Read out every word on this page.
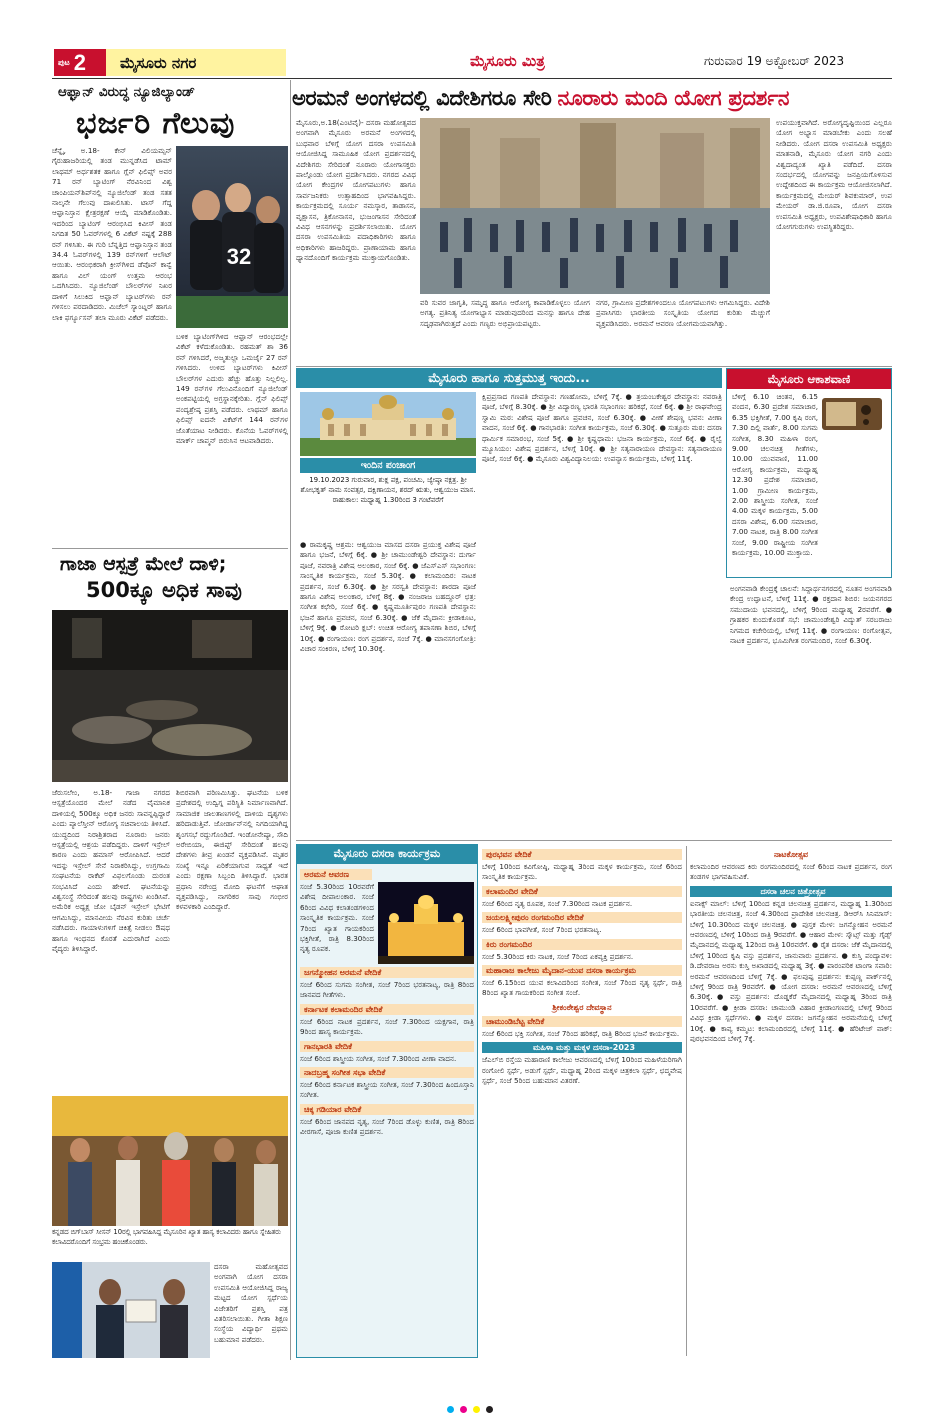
ಪುಟ 2 ಮೈಸೂರು ನಗರ	ಮೈಸೂರು ಮಿತ್ರ	ಗುರುವಾರ 19 ಅಕ್ಟೋಬರ್ 2023
ಅರಮನೆ ಅಂಗಳದಲ್ಲಿ ವಿದೇಶಿಗರೂ ಸೇರಿ ನೂರಾರು ಮಂದಿ ಯೋಗ ಪ್ರದರ್ಶನ
ಆಫ್ಘಾನ್ ವಿರುದ್ಧ ನ್ಯೂಜಿಲ್ಯಾಂಡ್
ಭರ್ಜರಿ ಗೆಲುವು
ಚೆನ್ನೈ, ಅ.18- ಕೇನ್ ವಿಲಿಯಮ್ಸನ್ ಗೈರುಹಾಜರಿಯಲ್ಲಿ ತಂಡ ಮುನ್ನಡೆಸಿದ ಟಾಮ್ ಲಾಥಮ್ ಅರ್ಧಶತಕ ಹಾಗೂ ಗ್ಲೆನ್ ಫಿಲಿಪ್ಸ್ ಅವರ 71 ರನ್ ಬ್ಯಾಟಿಂಗ್ ನೆರವಿನಿಂದ ವಿಶ್ವ ಚಾಂಪಿಯನ್‌ಶಿಪ್‌ನಲ್ಲಿ ನ್ಯೂಜಿಲೆಂಡ್ ತಂಡ ಸತತ ನಾಲ್ಕನೇ ಗೆಲುವು ದಾಖಲಿಸಿತು. ಟಾಸ್ ಗೆದ್ದ ಆಫ್ಘಾನಿಸ್ತಾನ ಕ್ಷೇತ್ರರಕ್ಷಣೆ ಆಯ್ಕೆ ಮಾಡಿಕೊಂಡಿತು. ಇದರಿಂದ ಬ್ಯಾಟಿಂಗ್ ಆರಂಭಿಸಿದ ಕಿವೀಸ್ ತಂಡ ನಿಗದಿತ 50 ಓವರ್‌ಗಳಲ್ಲಿ 6 ವಿಕೆಟ್ ನಷ್ಟಕ್ಕೆ 288 ರನ್ ಗಳಿಸಿತು. ಈ ಗುರಿ ಬೆನ್ನತ್ತಿದ ಆಫ್ಘಾನಿಸ್ತಾನ ತಂಡ 34.4 ಓವರ್‌ಗಳಲ್ಲಿ 139 ರನ್‌ಗಳಿಗೆ ಆಲೌಟ್ ಆಯಿತು. ಆರಂಭಿಕರಾಗಿ ಕ್ರೀಸ್‌ಗಿಳಿದ ಡೆವೊನ್ ಕಾನ್ವೆ ಹಾಗೂ ವಿಲ್ ಯಂಗ್ ಉತ್ತಮ ಆರಂಭ ಒದಗಿಸಿದರು. ನ್ಯೂಜಿಲೆಂಡ್ ಬೌಲರ್‌ಗಳ ನಿಖರ ದಾಳಿಗೆ ಸಿಲುಕಿದ ಆಫ್ಘಾನ್ ಬ್ಯಾಟರ್‌ಗಳು ರನ್ ಗಳಿಸಲು ಪರದಾಡಿದರು. ಮಿಚೆಲ್ ಸ್ಯಾಂಟ್ನರ್ ಹಾಗೂ ಲಾಕಿ ಫರ್ಗ್ಯೂಸನ್ ತಲಾ ಮೂರು ವಿಕೆಟ್ ಪಡೆದರು.
32
ಬಳಿಕ ಬ್ಯಾಟಿಂಗ್‌ಗಿಳಿದ ಆಫ್ಘಾನ್ ಆರಂಭದಲ್ಲೇ ವಿಕೆಟ್ ಕಳೆದುಕೊಂಡಿತು. ರಹಮತ್ ಶಾ 36 ರನ್ ಗಳಿಸಿದರೆ, ಅಜ್ಮತುಲ್ಲಾ ಒಮರ್ಜೈ 27 ರನ್ ಗಳಿಸಿದರು. ಉಳಿದ ಬ್ಯಾಟರ್‌ಗಳು ಕಿವೀಸ್ ಬೌಲರ್‌ಗಳ ಎದುರು ಹೆಚ್ಚು ಹೊತ್ತು ನಿಲ್ಲಲಿಲ್ಲ. 149 ರನ್‌ಗಳ ಗೆಲುವಿನೊಂದಿಗೆ ನ್ಯೂಜಿಲೆಂಡ್ ಅಂಕಪಟ್ಟಿಯಲ್ಲಿ ಅಗ್ರಸ್ಥಾನಕ್ಕೇರಿತು. ಗ್ಲೆನ್ ಫಿಲಿಪ್ಸ್ ಪಂದ್ಯಶ್ರೇಷ್ಠ ಪ್ರಶಸ್ತಿ ಪಡೆದರು. ಲಾಥಮ್ ಹಾಗೂ ಫಿಲಿಪ್ಸ್ ಐದನೇ ವಿಕೆಟ್‌ಗೆ 144 ರನ್‌ಗಳ ಜೊತೆಯಾಟ ನೀಡಿದರು. ಕೊನೆಯ ಓವರ್‌ಗಳಲ್ಲಿ ಮಾರ್ಕ್ ಚಾಪ್ಮನ್ ಬಿರುಸಿನ ಆಟವಾಡಿದರು.
ಗಾಜಾ ಆಸ್ಪತ್ರೆ ಮೇಲೆ ದಾಳಿ;
500ಕ್ಕೂ ಅಧಿಕ ಸಾವು
ಜೆರುಸಲೇಂ, ಅ.18- ಗಾಜಾ ನಗರದ ಆಸ್ಪತ್ರೆಯೊಂದರ ಮೇಲೆ ನಡೆದ ವೈಮಾನಿಕ ದಾಳಿಯಲ್ಲಿ 500ಕ್ಕೂ ಅಧಿಕ ಜನರು ಸಾವನ್ನಪ್ಪಿದ್ದಾರೆ ಎಂದು ಪ್ಯಾಲೆಸ್ತೀನ್ ಆರೋಗ್ಯ ಸಚಿವಾಲಯ ತಿಳಿಸಿದೆ. ಯುದ್ಧದಿಂದ ನಿರಾಶ್ರಿತರಾದ ನೂರಾರು ಜನರು ಆಸ್ಪತ್ರೆಯಲ್ಲಿ ಆಶ್ರಯ ಪಡೆದಿದ್ದರು. ದಾಳಿಗೆ ಇಸ್ರೇಲ್ ಕಾರಣ ಎಂದು ಹಮಾಸ್ ಆರೋಪಿಸಿದೆ. ಆದರೆ ಇದನ್ನು ಇಸ್ರೇಲ್ ಸೇನೆ ನಿರಾಕರಿಸಿದ್ದು, ಉಗ್ರಗಾಮಿ ಸಂಘಟನೆಯ ರಾಕೆಟ್ ವಿಫಲಗೊಂಡು ದುರಂತ ಸಂಭವಿಸಿದೆ ಎಂದು ಹೇಳಿದೆ. ಘಟನೆಯನ್ನು ವಿಶ್ವಸಂಸ್ಥೆ ಸೇರಿದಂತೆ ಹಲವು ರಾಷ್ಟ್ರಗಳು ಖಂಡಿಸಿವೆ. ಅಮೆರಿಕ ಅಧ್ಯಕ್ಷ ಜೋ ಬೈಡನ್ ಇಸ್ರೇಲ್ ಭೇಟಿಗೆ ಆಗಮಿಸಿದ್ದು, ಮಾನವೀಯ ನೆರವಿನ ಕುರಿತು ಚರ್ಚೆ ನಡೆಸಿದರು. ಗಾಯಾಳುಗಳಿಗೆ ಚಿಕಿತ್ಸೆ ನೀಡಲು ಔಷಧ ಹಾಗೂ ಇಂಧನದ ಕೊರತೆ ಎದುರಾಗಿದೆ ಎಂದು ವೈದ್ಯರು ತಿಳಿಸಿದ್ದಾರೆ.
ಶಿಬಿರವಾಗಿ ಪರಿಣಮಿಸಿತ್ತು. ಘಟನೆಯ ಬಳಿಕ ಪ್ರದೇಶದಲ್ಲಿ ಉದ್ವಿಗ್ನ ಪರಿಸ್ಥಿತಿ ನಿರ್ಮಾಣವಾಗಿದೆ. ಸಾಮಾಜಿಕ ಜಾಲತಾಣಗಳಲ್ಲಿ ದಾಳಿಯ ದೃಶ್ಯಗಳು ಹರಿದಾಡುತ್ತಿವೆ. ಜೋರ್ಡಾನ್‌ನಲ್ಲಿ ನಿಗದಿಯಾಗಿದ್ದ ಶೃಂಗಸಭೆ ರದ್ದುಗೊಂಡಿದೆ. ಇಂಡೋನೇಷ್ಯಾ, ಸೌದಿ ಅರೇಬಿಯಾ, ಈಜಿಪ್ಟ್ ಸೇರಿದಂತೆ ಹಲವು ದೇಶಗಳು ತೀವ್ರ ಖಂಡನೆ ವ್ಯಕ್ತಪಡಿಸಿವೆ. ಮೃತರ ಸಂಖ್ಯೆ ಇನ್ನೂ ಏರಿಕೆಯಾಗುವ ಸಾಧ್ಯತೆ ಇದೆ ಎಂದು ರಕ್ಷಣಾ ಸಿಬ್ಬಂದಿ ತಿಳಿಸಿದ್ದಾರೆ. ಭಾರತ ಪ್ರಧಾನಿ ನರೇಂದ್ರ ಮೋದಿ ಘಟನೆಗೆ ಆಘಾತ ವ್ಯಕ್ತಪಡಿಸಿದ್ದು, ನಾಗರಿಕರ ಸಾವು ಗಂಭೀರ ಕಳವಳಕಾರಿ ಎಂದಿದ್ದಾರೆ.
ಕನ್ನಡದ ಬಿಗ್‌ಬಾಸ್ ಸೀಸನ್ 10ರಲ್ಲಿ ಭಾಗವಹಿಸಿದ್ದ ಮೈಸೂರಿನ ಖ್ಯಾತ ಹಾಸ್ಯ ಕಲಾವಿದರು ಹಾಗೂ ಸ್ನೇಹಿತರು ಕಲಾವಿದರೊಂದಿಗೆ ಸಂಭ್ರಮ ಹಂಚಿಕೊಂಡರು.
ದಸರಾ ಮಹೋತ್ಸವದ ಅಂಗವಾಗಿ ಯೋಗ ದಸರಾ ಉಪಸಮಿತಿ ಆಯೋಜಿಸಿದ್ದ ರಾಜ್ಯ ಮಟ್ಟದ ಯೋಗ ಸ್ಪರ್ಧೆಯ ವಿಜೇತರಿಗೆ ಪ್ರಶಸ್ತಿ ಪತ್ರ ವಿತರಿಸಲಾಯಿತು. ಗೀತಾ ಶಿಕ್ಷಣ ಸಂಸ್ಥೆಯ ವಿದ್ಯಾರ್ಥಿ ಪ್ರಥಮ ಬಹುಮಾನ ಪಡೆದರು.
ಮೈಸೂರು,ಅ.18(ಎಂಟಿವೈ)- ದಸರಾ ಮಹೋತ್ಸವದ ಅಂಗವಾಗಿ ಮೈಸೂರು ಅರಮನೆ ಅಂಗಳದಲ್ಲಿ ಬುಧವಾರ ಬೆಳಿಗ್ಗೆ ಯೋಗ ದಸರಾ ಉಪಸಮಿತಿ ಆಯೋಜಿಸಿದ್ದ ಸಾಮೂಹಿಕ ಯೋಗ ಪ್ರದರ್ಶನದಲ್ಲಿ ವಿದೇಶಿಗರು ಸೇರಿದಂತೆ ನೂರಾರು ಯೋಗಾಸಕ್ತರು ಪಾಲ್ಗೊಂಡು ಯೋಗ ಪ್ರದರ್ಶಿಸಿದರು. ನಗರದ ವಿವಿಧ ಯೋಗ ಕೇಂದ್ರಗಳ ಯೋಗಪಟುಗಳು ಹಾಗೂ ಸಾರ್ವಜನಿಕರು ಉತ್ಸಾಹದಿಂದ ಭಾಗವಹಿಸಿದ್ದರು. ಕಾರ್ಯಕ್ರಮದಲ್ಲಿ ಸೂರ್ಯ ನಮಸ್ಕಾರ, ತಾಡಾಸನ, ವೃಕ್ಷಾಸನ, ತ್ರಿಕೋನಾಸನ, ಭುಜಂಗಾಸನ ಸೇರಿದಂತೆ ವಿವಿಧ ಆಸನಗಳನ್ನು ಪ್ರದರ್ಶಿಸಲಾಯಿತು. ಯೋಗ ದಸರಾ ಉಪಸಮಿತಿಯ ಪದಾಧಿಕಾರಿಗಳು ಹಾಗೂ ಅಧಿಕಾರಿಗಳು ಹಾಜರಿದ್ದರು. ಪ್ರಾಣಾಯಾಮ ಹಾಗೂ ಧ್ಯಾನದೊಂದಿಗೆ ಕಾರ್ಯಕ್ರಮ ಮುಕ್ತಾಯಗೊಂಡಿತು.
ವರಿ ಸುವರ ಜಾಗೃತಿ, ಸಮೃದ್ಧ ಹಾಗೂ ಆರೋಗ್ಯ ಕಾಪಾಡಿಕೊಳ್ಳಲು ಯೋಗ ಅಗತ್ಯ. ಪ್ರತಿನಿತ್ಯ ಯೋಗಾಭ್ಯಾಸ ಮಾಡುವುದರಿಂದ ಮನಸ್ಸು ಹಾಗೂ ದೇಹ ಸದೃಢವಾಗಿರುತ್ತದೆ ಎಂದು ಗಣ್ಯರು ಅಭಿಪ್ರಾಯಪಟ್ಟರು.
ನಗರ, ಗ್ರಾಮೀಣ ಪ್ರದೇಶಗಳಿಂದಲೂ ಯೋಗಪಟುಗಳು ಆಗಮಿಸಿದ್ದರು. ವಿದೇಶಿ ಪ್ರವಾಸಿಗರು ಭಾರತೀಯ ಸಂಸ್ಕೃತಿಯ ಯೋಗದ ಕುರಿತು ಮೆಚ್ಚುಗೆ ವ್ಯಕ್ತಪಡಿಸಿದರು. ಅರಮನೆ ಆವರಣ ಯೋಗಮಯವಾಗಿತ್ತು.
ಉಪಯುಕ್ತವಾಗಿದೆ. ಅರೋಗ್ಯದೃಷ್ಟಿಯಿಂದ ಎಲ್ಲರೂ ಯೋಗ ಅಭ್ಯಾಸ ಮಾಡಬೇಕು ಎಂದು ಸಲಹೆ ನೀಡಿದರು. ಯೋಗ ದಸರಾ ಉಪಸಮಿತಿ ಅಧ್ಯಕ್ಷರು ಮಾತನಾಡಿ, ಮೈಸೂರು ಯೋಗ ನಗರಿ ಎಂದು ವಿಶ್ವದಾದ್ಯಂತ ಖ್ಯಾತಿ ಪಡೆದಿದೆ. ದಸರಾ ಸಂದರ್ಭದಲ್ಲಿ ಯೋಗವನ್ನು ಜನಪ್ರಿಯಗೊಳಿಸುವ ಉದ್ದೇಶದಿಂದ ಈ ಕಾರ್ಯಕ್ರಮ ಆಯೋಜಿಸಲಾಗಿದೆ. ಕಾರ್ಯಕ್ರಮದಲ್ಲಿ ಮೇಯರ್ ಶಿವಕುಮಾರ್, ಉಪ ಮೇಯರ್ ಡಾ.ಜಿ.ರೂಪಾ, ಯೋಗ ದಸರಾ ಉಪಸಮಿತಿ ಅಧ್ಯಕ್ಷರು, ಉಪವಿಶೇಷಾಧಿಕಾರಿ ಹಾಗೂ ಯೋಗಗುರುಗಳು ಉಪಸ್ಥಿತರಿದ್ದರು.
ಮೈಸೂರು ಹಾಗೂ ಸುತ್ತಮುತ್ತ ಇಂದು...
ಇಂದಿನ ಪಂಚಾಂಗ
19.10.2023 ಗುರುವಾರ, ಶುಕ್ಲ ಪಕ್ಷ, ಪಂಚಮಿ, ಜ್ಯೇಷ್ಠಾ ನಕ್ಷತ್ರ. ಶ್ರೀ ಶೋಭಕೃತ್ ನಾಮ ಸಂವತ್ಸರ, ದಕ್ಷಿಣಾಯನ, ಶರದ್ ಋತು, ಆಶ್ವಯುಜ ಮಾಸ. ರಾಹುಕಾಲ: ಮಧ್ಯಾಹ್ನ 1.30ರಿಂದ 3 ಗಂಟೆವರೆಗೆ
● ರಾಮಕೃಷ್ಣ ಆಶ್ರಮ: ಆಶ್ವಯುಜ ಮಾಸದ ದಸರಾ ಪ್ರಯುಕ್ತ ವಿಶೇಷ ಪೂಜೆ ಹಾಗೂ ಭಜನೆ, ಬೆಳಿಗ್ಗೆ 6ಕ್ಕೆ. ● ಶ್ರೀ ಚಾಮುಂಡೇಶ್ವರಿ ದೇವಸ್ಥಾನ: ದುರ್ಗಾ ಪೂಜೆ, ನವರಾತ್ರಿ ವಿಶೇಷ ಅಲಂಕಾರ, ಸಂಜೆ 6ಕ್ಕೆ. ● ಜೆಎಸ್‌ಎಸ್ ಸಭಾಂಗಣ: ಸಾಂಸ್ಕೃತಿಕ ಕಾರ್ಯಕ್ರಮ, ಸಂಜೆ 5.30ಕ್ಕೆ. ● ಕಲಾಮಂದಿರ: ನಾಟಕ ಪ್ರದರ್ಶನ, ಸಂಜೆ 6.30ಕ್ಕೆ. ● ಶ್ರೀ ಸರಸ್ವತಿ ದೇವಸ್ಥಾನ: ಶಾರದಾ ಪೂಜೆ ಹಾಗೂ ವಿಶೇಷ ಅಲಂಕಾರ, ಬೆಳಿಗ್ಗೆ 8ಕ್ಕೆ. ● ನಂಜರಾಜ ಬಹದ್ದೂರ್ ಛತ್ರ: ಸಂಗೀತ ಕಛೇರಿ, ಸಂಜೆ 6ಕ್ಕೆ. ● ಕೃಷ್ಣಮೂರ್ತಿಪುರಂ ಗಣಪತಿ ದೇವಸ್ಥಾನ: ಭಜನೆ ಹಾಗೂ ಪ್ರವಚನ, ಸಂಜೆ 6.30ಕ್ಕೆ. ● ಜೆಕೆ ಮೈದಾನ: ಕ್ರೀಡಾಕೂಟ, ಬೆಳಿಗ್ಗೆ 9ಕ್ಕೆ. ● ರೋಟರಿ ಕ್ಲಬ್: ಉಚಿತ ಆರೋಗ್ಯ ತಪಾಸಣಾ ಶಿಬಿರ, ಬೆಳಿಗ್ಗೆ 10ಕ್ಕೆ. ● ರಂಗಾಯಣ: ರಂಗ ಪ್ರದರ್ಶನ, ಸಂಜೆ 7ಕ್ಕೆ. ● ಮಾನಸಗಂಗೋತ್ರಿ: ವಿಚಾರ ಸಂಕಿರಣ, ಬೆಳಿಗ್ಗೆ 10.30ಕ್ಕೆ.
ಕ್ಷಿಪ್ರಪ್ರಸಾದ ಗಣಪತಿ ದೇವಸ್ಥಾನ: ಗಣಹೋಮ, ಬೆಳಿಗ್ಗೆ 7ಕ್ಕೆ. ● ತ್ರಯಂಬಕೇಶ್ವರ ದೇವಸ್ಥಾನ: ನವರಾತ್ರಿ ಪೂಜೆ, ಬೆಳಿಗ್ಗೆ 8.30ಕ್ಕೆ. ● ಶ್ರೀ ವಿದ್ಯಾರಣ್ಯ ಭಾರತಿ ಸಭಾಂಗಣ: ಹರಿಕಥೆ, ಸಂಜೆ 6ಕ್ಕೆ. ● ಶ್ರೀ ರಾಘವೇಂದ್ರ ಸ್ವಾಮಿ ಮಠ: ವಿಶೇಷ ಪೂಜೆ ಹಾಗೂ ಪ್ರವಚನ, ಸಂಜೆ 6.30ಕ್ಕೆ. ● ವೀಣೆ ಶೇಷಣ್ಣ ಭವನ: ವೀಣಾ ವಾದನ, ಸಂಜೆ 6ಕ್ಕೆ. ● ಗಾನಭಾರತಿ: ಸಂಗೀತ ಕಾರ್ಯಕ್ರಮ, ಸಂಜೆ 6.30ಕ್ಕೆ. ● ಸುತ್ತೂರು ಮಠ: ದಸರಾ ಧಾರ್ಮಿಕ ಸಮಾರಂಭ, ಸಂಜೆ 5ಕ್ಕೆ. ● ಶ್ರೀ ಕೃಷ್ಣಧಾಮ: ಭಜನಾ ಕಾರ್ಯಕ್ರಮ, ಸಂಜೆ 6ಕ್ಕೆ. ● ರೈಲ್ವೆ ಮ್ಯೂಸಿಯಂ: ವಿಶೇಷ ಪ್ರದರ್ಶನ, ಬೆಳಿಗ್ಗೆ 10ಕ್ಕೆ. ● ಶ್ರೀ ಸತ್ಯನಾರಾಯಣ ದೇವಸ್ಥಾನ: ಸತ್ಯನಾರಾಯಣ ಪೂಜೆ, ಸಂಜೆ 6ಕ್ಕೆ. ● ಮೈಸೂರು ವಿಶ್ವವಿದ್ಯಾನಿಲಯ: ಉಪನ್ಯಾಸ ಕಾರ್ಯಕ್ರಮ, ಬೆಳಿಗ್ಗೆ 11ಕ್ಕೆ.
ಮೈಸೂರು ಆಕಾಶವಾಣಿ
ಬೆಳಿಗ್ಗೆ 6.10 ಚಿಂತನ, 6.15 ವಂದನ, 6.30 ಪ್ರದೇಶ ಸಮಾಚಾರ, 6.35 ಭಕ್ತಿಗೀತೆ, 7.00 ಕೃಷಿ ರಂಗ, 7.30 ದಿಲ್ಲಿ ವಾರ್ತೆ, 8.00 ಸುಗಮ ಸಂಗೀತ, 8.30 ಮಹಿಳಾ ರಂಗ, 9.00 ಚಲನಚಿತ್ರ ಗೀತೆಗಳು, 10.00 ಯುವವಾಣಿ, 11.00 ಆರೋಗ್ಯ ಕಾರ್ಯಕ್ರಮ, ಮಧ್ಯಾಹ್ನ 12.30 ಪ್ರದೇಶ ಸಮಾಚಾರ, 1.00 ಗ್ರಾಮೀಣ ಕಾರ್ಯಕ್ರಮ, 2.00 ಶಾಸ್ತ್ರೀಯ ಸಂಗೀತ, ಸಂಜೆ 4.00 ಮಕ್ಕಳ ಕಾರ್ಯಕ್ರಮ, 5.00 ದಸರಾ ವಿಶೇಷ, 6.00 ಸಮಾಚಾರ, 7.00 ನಾಟಕ, ರಾತ್ರಿ 8.00 ಸಂಗೀತ ಸಂಜೆ, 9.00 ರಾಷ್ಟ್ರೀಯ ಸಂಗೀತ ಕಾರ್ಯಕ್ರಮ, 10.00 ಮುಕ್ತಾಯ.
ಅಂಗನವಾಡಿ ಕೇಂದ್ರಕ್ಕೆ ಚಾಲನೆ: ಸಿದ್ದಾರ್ಥನಗರದಲ್ಲಿ ನೂತನ ಅಂಗನವಾಡಿ ಕೇಂದ್ರ ಉದ್ಘಾಟನೆ, ಬೆಳಿಗ್ಗೆ 11ಕ್ಕೆ. ● ರಕ್ತದಾನ ಶಿಬಿರ: ಜಯನಗರದ ಸಮುದಾಯ ಭವನದಲ್ಲಿ, ಬೆಳಿಗ್ಗೆ 9ರಿಂದ ಮಧ್ಯಾಹ್ನ 2ರವರೆಗೆ. ● ಗ್ರಾಹಕರ ಕುಂದುಕೊರತೆ ಸಭೆ: ಚಾಮುಂಡೇಶ್ವರಿ ವಿದ್ಯುತ್ ಸರಬರಾಜು ನಿಗಮದ ಕಚೇರಿಯಲ್ಲಿ, ಬೆಳಿಗ್ಗೆ 11ಕ್ಕೆ. ● ರಂಗಾಯಣ: ರಂಗೋತ್ಸವ, ನಾಟಕ ಪ್ರದರ್ಶನ, ಭೂಮಿಗೀತ ರಂಗಮಂದಿರ, ಸಂಜೆ 6.30ಕ್ಕೆ.
ಮೈಸೂರು ದಸರಾ ಕಾರ್ಯಕ್ರಮ
ಅರಮನೆ ಆವರಣ
ಸಂಜೆ 5.30ರಿಂದ 10ರವರೆಗೆ ವಿಶೇಷ ದೀಪಾಲಂಕಾರ. ಸಂಜೆ 6ರಿಂದ ವಿವಿಧ ಕಲಾತಂಡಗಳಿಂದ ಸಾಂಸ್ಕೃತಿಕ ಕಾರ್ಯಕ್ರಮ. ಸಂಜೆ 7ರಿಂದ ಖ್ಯಾತ ಗಾಯಕರಿಂದ ಭಕ್ತಿಗೀತೆ, ರಾತ್ರಿ 8.30ರಿಂದ ನೃತ್ಯ ರೂಪಕ.
ಜಗನ್ಮೋಹನ ಅರಮನೆ ವೇದಿಕೆ
ಸಂಜೆ 6ರಿಂದ ಸುಗಮ ಸಂಗೀತ, ಸಂಜೆ 7ರಿಂದ ಭರತನಾಟ್ಯ, ರಾತ್ರಿ 8ರಿಂದ ಜಾನಪದ ಗೀತೆಗಳು.
ಕರ್ನಾಟಕ ಕಲಾಮಂದಿರ ವೇದಿಕೆ
ಸಂಜೆ 6ರಿಂದ ನಾಟಕ ಪ್ರದರ್ಶನ, ಸಂಜೆ 7.30ರಿಂದ ಯಕ್ಷಗಾನ, ರಾತ್ರಿ 9ರಿಂದ ಹಾಸ್ಯ ಕಾರ್ಯಕ್ರಮ.
ಗಾನಭಾರತಿ ವೇದಿಕೆ
ಸಂಜೆ 6ರಿಂದ ಶಾಸ್ತ್ರೀಯ ಸಂಗೀತ, ಸಂಜೆ 7.30ರಿಂದ ವೀಣಾ ವಾದನ.
ನಾದಬ್ರಹ್ಮ ಸಂಗೀತ ಸಭಾ ವೇದಿಕೆ
ಸಂಜೆ 6ರಿಂದ ಕರ್ನಾಟಕ ಶಾಸ್ತ್ರೀಯ ಸಂಗೀತ, ಸಂಜೆ 7.30ರಿಂದ ಹಿಂದೂಸ್ತಾನಿ ಸಂಗೀತ.
ಚಿಕ್ಕ ಗಡಿಯಾರ ವೇದಿಕೆ
ಸಂಜೆ 6ರಿಂದ ಜಾನಪದ ನೃತ್ಯ, ಸಂಜೆ 7ರಿಂದ ಡೊಳ್ಳು ಕುಣಿತ, ರಾತ್ರಿ 8ರಿಂದ ವೀರಗಾಸೆ, ಪೂಜಾ ಕುಣಿತ ಪ್ರದರ್ಶನ.
ಪುರಭವನ ವೇದಿಕೆ
ಬೆಳಿಗ್ಗೆ 10ರಿಂದ ಕವಿಗೋಷ್ಠಿ, ಮಧ್ಯಾಹ್ನ 3ರಿಂದ ಮಕ್ಕಳ ಕಾರ್ಯಕ್ರಮ, ಸಂಜೆ 6ರಿಂದ ಸಾಂಸ್ಕೃತಿಕ ಕಾರ್ಯಕ್ರಮ.
ಕಲಾಮಂದಿರ ವೇದಿಕೆ
ಸಂಜೆ 6ರಿಂದ ನೃತ್ಯ ರೂಪಕ, ಸಂಜೆ 7.30ರಿಂದ ನಾಟಕ ಪ್ರದರ್ಶನ.
ಜಯಲಕ್ಷ್ಮೀಪುರಂ ರಂಗಮಂದಿರ ವೇದಿಕೆ
ಸಂಜೆ 6ರಿಂದ ಭಾವಗೀತೆ, ಸಂಜೆ 7ರಿಂದ ಭರತನಾಟ್ಯ.
ಕಿರು ರಂಗಮಂದಿರ
ಸಂಜೆ 5.30ರಿಂದ ಕಿರು ನಾಟಕ, ಸಂಜೆ 7ರಿಂದ ಏಕವ್ಯಕ್ತಿ ಪ್ರದರ್ಶನ.
ಮಹಾರಾಜ ಕಾಲೇಜು ಮೈದಾನ-ಯುವ ದಸರಾ ಕಾರ್ಯಕ್ರಮ
ಸಂಜೆ 6.15ರಿಂದ ಯುವ ಕಲಾವಿದರಿಂದ ಸಂಗೀತ, ಸಂಜೆ 7ರಿಂದ ನೃತ್ಯ ಸ್ಪರ್ಧೆ, ರಾತ್ರಿ 8ರಿಂದ ಖ್ಯಾತ ಗಾಯಕರಿಂದ ಸಂಗೀತ ಸಂಜೆ.
ಶ್ರೀಕಂಠೇಶ್ವರ ದೇವಸ್ಥಾನ
ಚಾಮುಂಡಿಬೆಟ್ಟ ವೇದಿಕೆ
ಸಂಜೆ 6ರಿಂದ ಭಕ್ತಿ ಸಂಗೀತ, ಸಂಜೆ 7ರಿಂದ ಹರಿಕಥೆ, ರಾತ್ರಿ 8ರಿಂದ ಭಜನೆ ಕಾರ್ಯಕ್ರಮ.
ಮಹಿಳಾ ಮತ್ತು ಮಕ್ಕಳ ದಸರಾ-2023
ಜೆಎಲ್‌ಬಿ ರಸ್ತೆಯ ಮಹಾರಾಣಿ ಕಾಲೇಜು ಆವರಣದಲ್ಲಿ ಬೆಳಿಗ್ಗೆ 10ರಿಂದ ಮಹಿಳೆಯರಿಗಾಗಿ ರಂಗೋಲಿ ಸ್ಪರ್ಧೆ, ಅಡುಗೆ ಸ್ಪರ್ಧೆ, ಮಧ್ಯಾಹ್ನ 2ರಿಂದ ಮಕ್ಕಳ ಚಿತ್ರಕಲಾ ಸ್ಪರ್ಧೆ, ಛದ್ಮವೇಷ ಸ್ಪರ್ಧೆ, ಸಂಜೆ 5ರಿಂದ ಬಹುಮಾನ ವಿತರಣೆ.
ನಾಟಕೋತ್ಸವ
ಕಲಾಮಂದಿರ ಆವರಣದ ಕಿರು ರಂಗಮಂದಿರದಲ್ಲಿ ಸಂಜೆ 6ರಿಂದ ನಾಟಕ ಪ್ರದರ್ಶನ, ರಂಗ ತಂಡಗಳ ಭಾಗವಹಿಸುವಿಕೆ.
ದಸರಾ ಚಲನ ಚಿತ್ರೋತ್ಸವ
ಐನಾಕ್ಸ್ ಮಾಲ್: ಬೆಳಿಗ್ಗೆ 10ರಿಂದ ಕನ್ನಡ ಚಲನಚಿತ್ರ ಪ್ರದರ್ಶನ, ಮಧ್ಯಾಹ್ನ 1.30ರಿಂದ ಭಾರತೀಯ ಚಲನಚಿತ್ರ, ಸಂಜೆ 4.30ರಿಂದ ಪ್ರಾದೇಶಿಕ ಚಲನಚಿತ್ರ. ಡಿಆರ್‌ಸಿ ಸಿನಿಮಾಸ್: ಬೆಳಿಗ್ಗೆ 10.30ರಿಂದ ಮಕ್ಕಳ ಚಲನಚಿತ್ರ. ● ಪುಸ್ತಕ ಮೇಳ: ಜಗನ್ಮೋಹನ ಅರಮನೆ ಆವರಣದಲ್ಲಿ ಬೆಳಿಗ್ಗೆ 10ರಿಂದ ರಾತ್ರಿ 9ರವರೆಗೆ. ● ಆಹಾರ ಮೇಳ: ಸ್ಕೌಟ್ಸ್ ಮತ್ತು ಗೈಡ್ಸ್ ಮೈದಾನದಲ್ಲಿ ಮಧ್ಯಾಹ್ನ 12ರಿಂದ ರಾತ್ರಿ 10ರವರೆಗೆ. ● ರೈತ ದಸರಾ: ಜೆಕೆ ಮೈದಾನದಲ್ಲಿ ಬೆಳಿಗ್ಗೆ 10ರಿಂದ ಕೃಷಿ ವಸ್ತು ಪ್ರದರ್ಶನ, ಜಾನುವಾರು ಪ್ರದರ್ಶನ. ● ಕುಸ್ತಿ ಪಂದ್ಯಾವಳಿ: ಡಿ.ದೇವರಾಜ ಅರಸು ಕುಸ್ತಿ ಅಖಾಡದಲ್ಲಿ ಮಧ್ಯಾಹ್ನ 3ಕ್ಕೆ. ● ಪಾರಂಪರಿಕ ಟಾಂಗಾ ಸವಾರಿ: ಅರಮನೆ ಆವರಣದಿಂದ ಬೆಳಿಗ್ಗೆ 7ಕ್ಕೆ. ● ಫಲಪುಷ್ಪ ಪ್ರದರ್ಶನ: ಕುಪ್ಪಣ್ಣ ಪಾರ್ಕ್‌ನಲ್ಲಿ ಬೆಳಿಗ್ಗೆ 9ರಿಂದ ರಾತ್ರಿ 9ರವರೆಗೆ. ● ಯೋಗ ದಸರಾ: ಅರಮನೆ ಆವರಣದಲ್ಲಿ ಬೆಳಿಗ್ಗೆ 6.30ಕ್ಕೆ. ● ವಸ್ತು ಪ್ರದರ್ಶನ: ದೊಡ್ಡಕೆರೆ ಮೈದಾನದಲ್ಲಿ ಮಧ್ಯಾಹ್ನ 3ರಿಂದ ರಾತ್ರಿ 10ರವರೆಗೆ. ● ಕ್ರೀಡಾ ದಸರಾ: ಚಾಮುಂಡಿ ವಿಹಾರ ಕ್ರೀಡಾಂಗಣದಲ್ಲಿ ಬೆಳಿಗ್ಗೆ 9ರಿಂದ ವಿವಿಧ ಕ್ರೀಡಾ ಸ್ಪರ್ಧೆಗಳು. ● ಮಕ್ಕಳ ದಸರಾ: ಜಗನ್ಮೋಹನ ಅರಮನೆಯಲ್ಲಿ ಬೆಳಿಗ್ಗೆ 10ಕ್ಕೆ. ● ಕಾವ್ಯ ಕಮ್ಮಟ: ಕಲಾಮಂದಿರದಲ್ಲಿ ಬೆಳಿಗ್ಗೆ 11ಕ್ಕೆ. ● ಹೆರಿಟೇಜ್ ವಾಕ್: ಪುರಭವನದಿಂದ ಬೆಳಿಗ್ಗೆ 7ಕ್ಕೆ.
